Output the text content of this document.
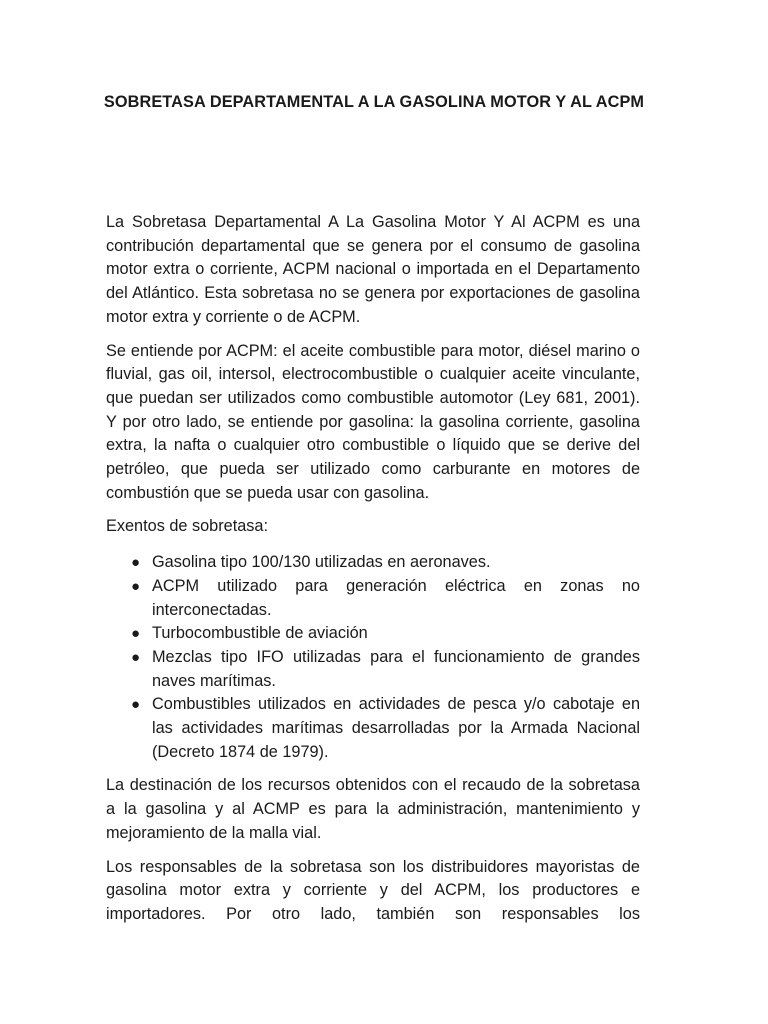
SOBRETASA DEPARTAMENTAL A LA GASOLINA MOTOR Y AL ACPM

La Sobretasa Departamental A La Gasolina Motor Y Al ACPM es una contribución departamental que se genera por el consumo de gasolina motor extra o corriente, ACPM nacional o importada en el Departamento del Atlántico. Esta sobretasa no se genera por exportaciones de gasolina motor extra y corriente o de ACPM.

Se entiende por ACPM: el aceite combustible para motor, diésel marino o fluvial, gas oil, intersol, electrocombustible o cualquier aceite vinculante, que puedan ser utilizados como combustible automotor (Ley 681, 2001). Y por otro lado, se entiende por gasolina: la gasolina corriente, gasolina extra, la nafta o cualquier otro combustible o líquido que se derive del petróleo, que pueda ser utilizado como carburante en motores de combustión que se pueda usar con gasolina.

Exentos de sobretasa:

● Gasolina tipo 100/130 utilizadas en aeronaves.
● ACPM utilizado para generación eléctrica en zonas no interconectadas.
● Turbocombustible de aviación
● Mezclas tipo IFO utilizadas para el funcionamiento de grandes naves marítimas.
● Combustibles utilizados en actividades de pesca y/o cabotaje en las actividades marítimas desarrolladas por la Armada Nacional (Decreto 1874 de 1979).

La destinación de los recursos obtenidos con el recaudo de la sobretasa a la gasolina y al ACMP es para la administración, mantenimiento y mejoramiento de la malla vial.

Los responsables de la sobretasa son los distribuidores mayoristas de gasolina motor extra y corriente y del ACPM, los productores e importadores. Por otro lado, también son responsables los
